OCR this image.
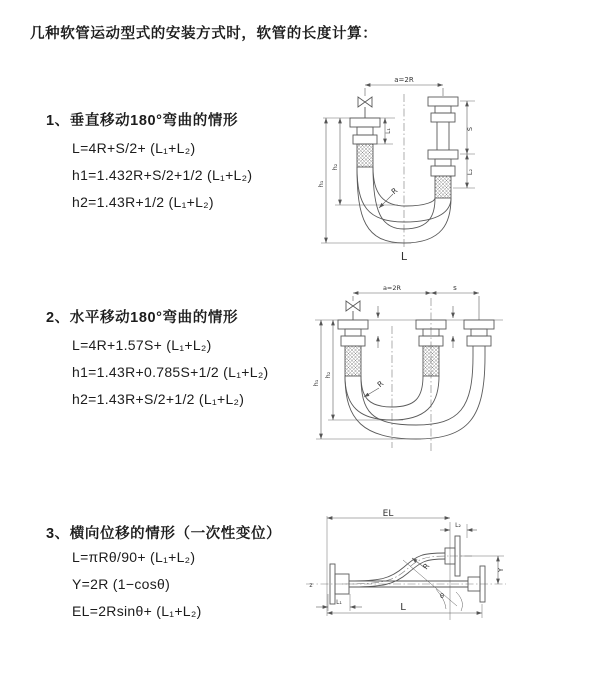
几种软管运动型式的安装方式时，软管的长度计算：
1、垂直移动180°弯曲的情形
L=4R+S/2+ (L₁+L₂)
h1=1.432R+S/2+1/2 (L₁+L₂)
h2=1.43R+1/2 (L₁+L₂)
2、水平移动180°弯曲的情形
L=4R+1.57S+ (L₁+L₂)
h1=1.43R+0.785S+1/2 (L₁+L₂)
h2=1.43R+S/2+1/2 (L₁+L₂)
3、横向位移的情形（一次性变位）
L=πRθ/90+ (L₁+L₂)
Y=2R (1−cosθ)
EL=2Rsinθ+ (L₁+L₂)
a=2R
h₁
h₂
L₁	S
L₂
R
L
a=2R	s
h₁
h₂
R
EL
L₂
Y
R
θ
L
L₁
z
